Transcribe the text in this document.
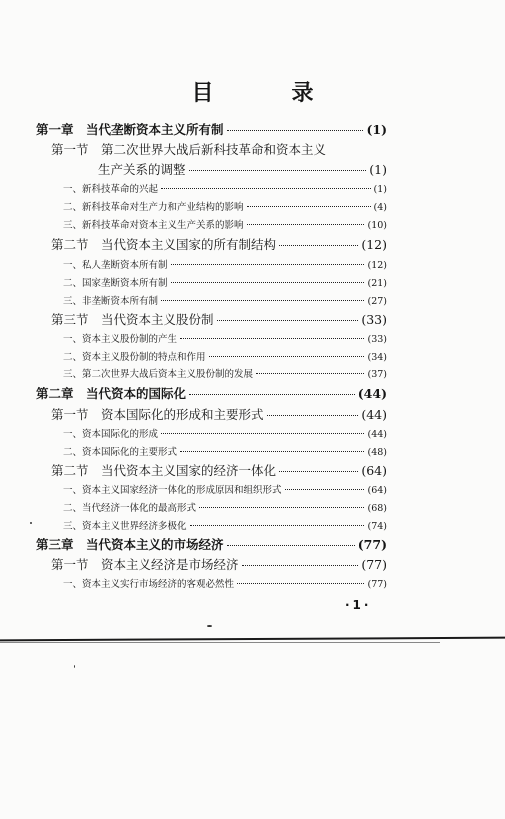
目　录
第一章　当代垄断资本主义所有制	(1)
第一节　第二次世界大战后新科技革命和资本主义
生产关系的调整	(1)
一、新科技革命的兴起	(1)
二、新科技革命对生产力和产业结构的影响	(4)
三、新科技革命对资本主义生产关系的影响	(10)
第二节　当代资本主义国家的所有制结构	(12)
一、私人垄断资本所有制	(12)
二、国家垄断资本所有制	(21)
三、非垄断资本所有制	(27)
第三节　当代资本主义股份制	(33)
一、资本主义股份制的产生	(33)
二、资本主义股份制的特点和作用	(34)
三、第二次世界大战后资本主义股份制的发展	(37)
第二章　当代资本的国际化	(44)
第一节　资本国际化的形成和主要形式	(44)
一、资本国际化的形成	(44)
二、资本国际化的主要形式	(48)
第二节　当代资本主义国家的经济一体化	(64)
一、资本主义国家经济一体化的形成原因和组织形式	(64)
二、当代经济一体化的最高形式	(68)
三、资本主义世界经济多极化	(74)
第三章　当代资本主义的市场经济	(77)
第一节　资本主义经济是市场经济	(77)
一、资本主义实行市场经济的客观必然性	(77)
·1·
